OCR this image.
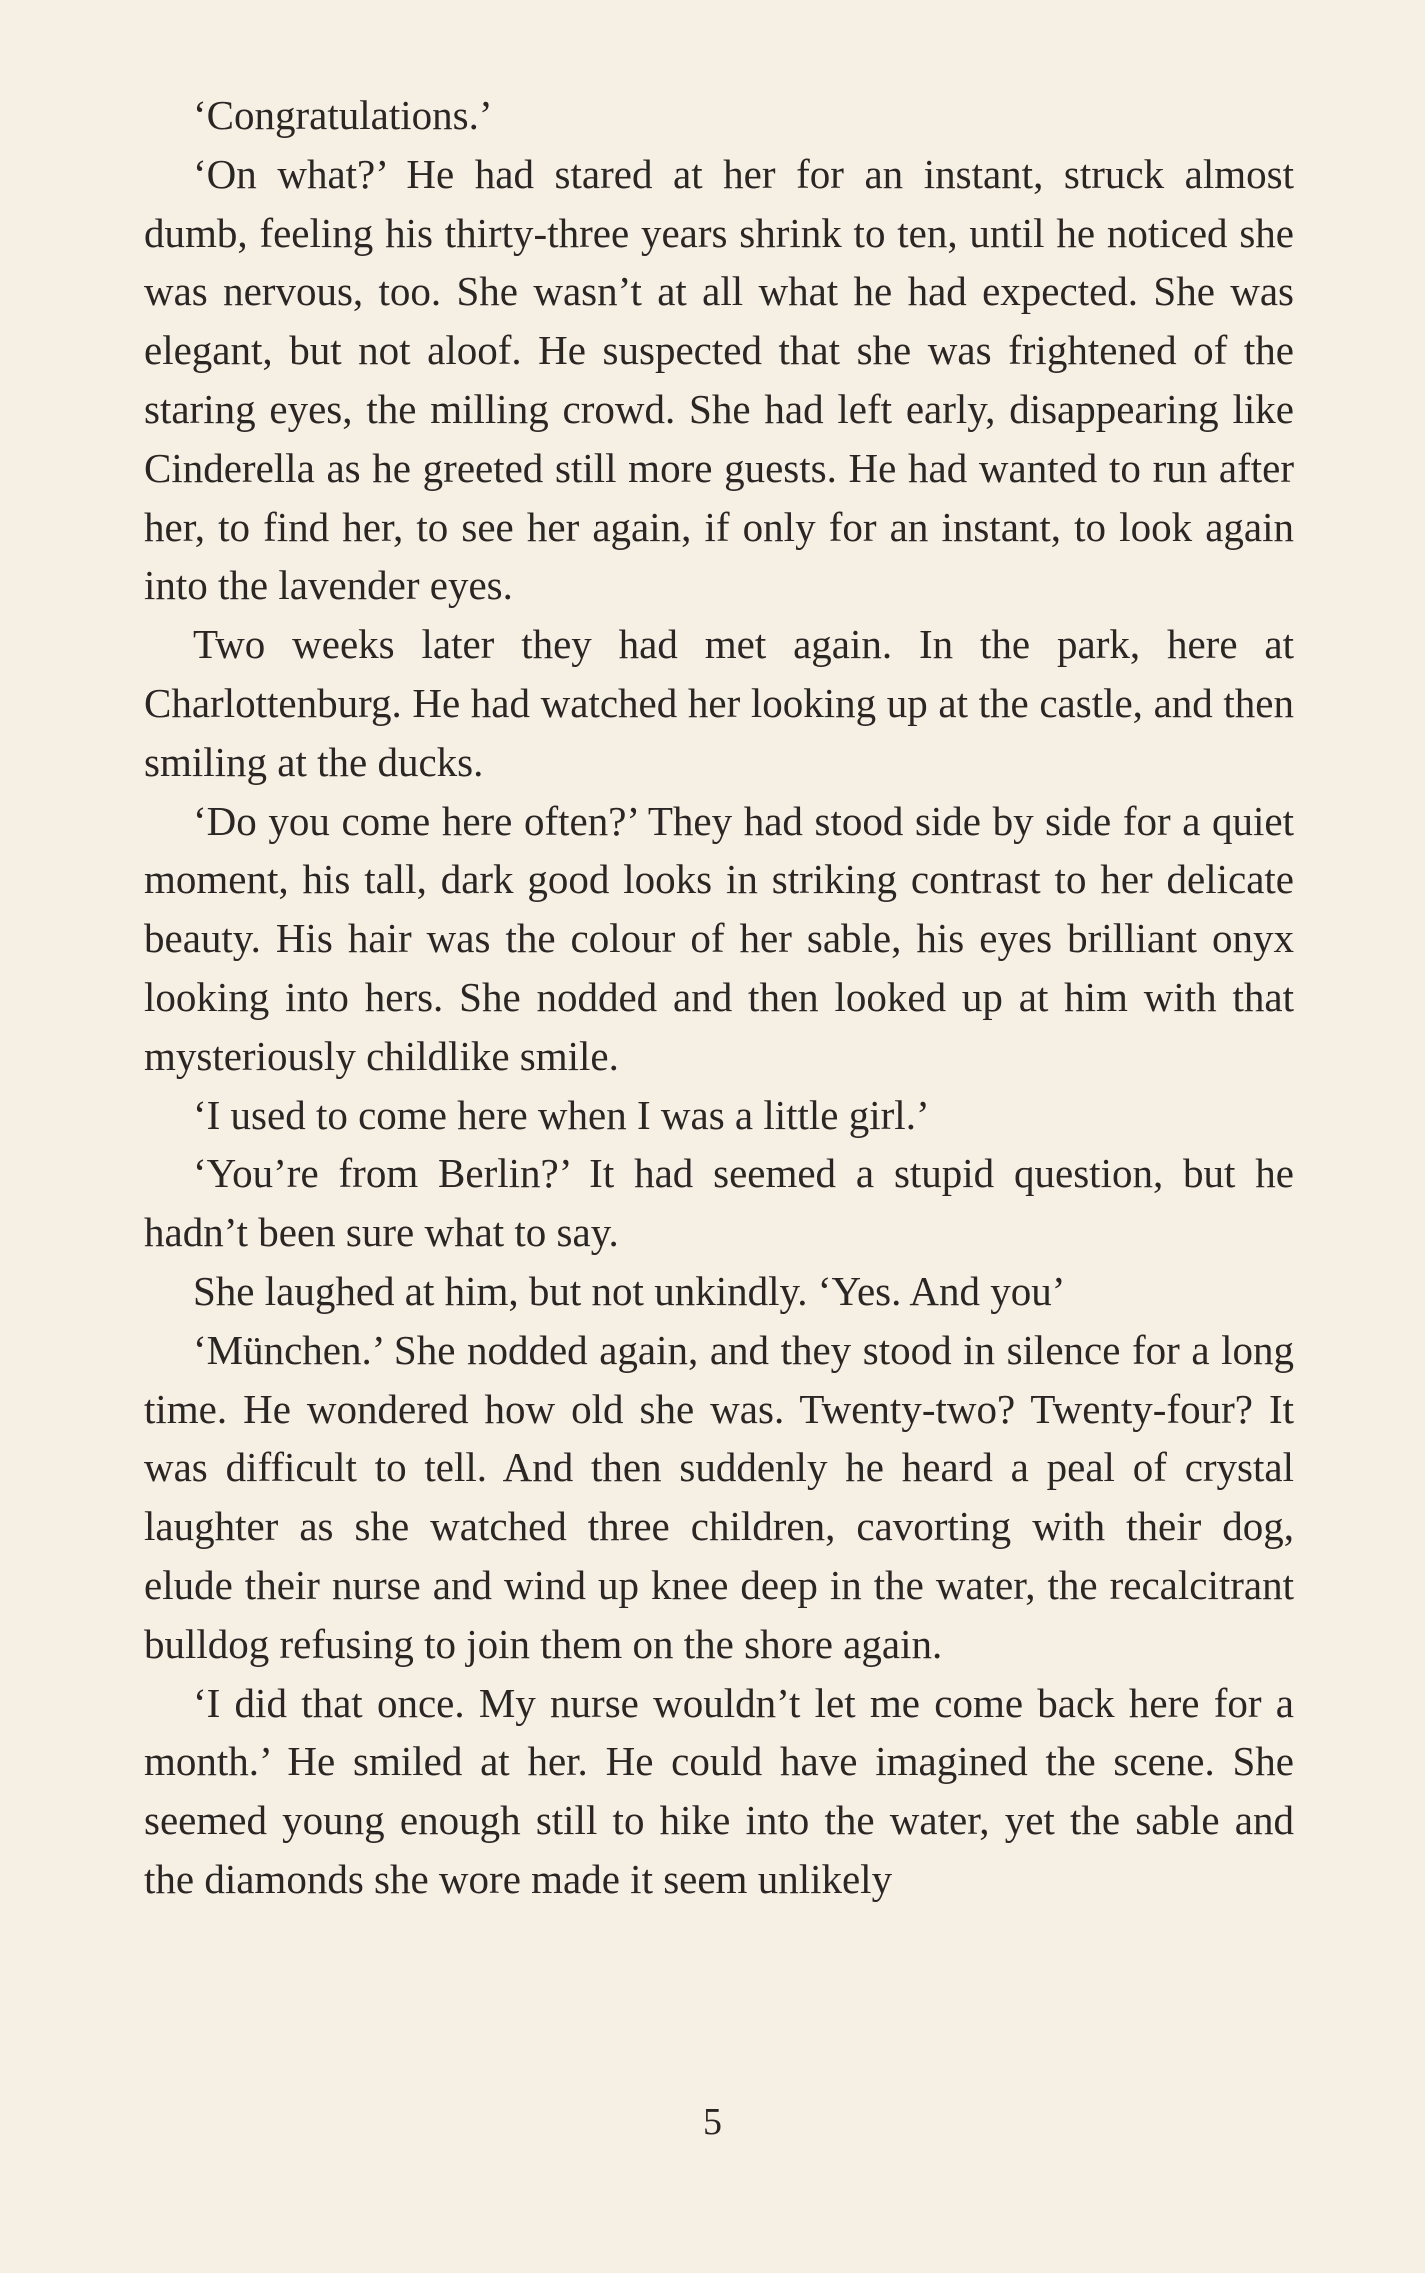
‘Congratulations.’

‘On what?’ He had stared at her for an instant, struck almost dumb, feeling his thirty-three years shrink to ten, until he noticed she was nervous, too. She wasn’t at all what he had expected. She was elegant, but not aloof. He suspected that she was frightened of the staring eyes, the milling crowd. She had left early, disappearing like Cinderella as he greeted still more guests. He had wanted to run after her, to find her, to see her again, if only for an instant, to look again into the lavender eyes.

Two weeks later they had met again. In the park, here at Charlottenburg. He had watched her looking up at the castle, and then smiling at the ducks.

‘Do you come here often?’ They had stood side by side for a quiet moment, his tall, dark good looks in striking contrast to her delicate beauty. His hair was the colour of her sable, his eyes brilliant onyx looking into hers. She nodded and then looked up at him with that mysteriously childlike smile.

‘I used to come here when I was a little girl.’

‘You’re from Berlin?’ It had seemed a stupid question, but he hadn’t been sure what to say.

She laughed at him, but not unkindly. ‘Yes. And you’

‘München.’ She nodded again, and they stood in silence for a long time. He wondered how old she was. Twenty-two? Twenty-four? It was difficult to tell. And then suddenly he heard a peal of crystal laughter as she watched three children, cavorting with their dog, elude their nurse and wind up knee deep in the water, the recalcitrant bulldog refusing to join them on the shore again.

‘I did that once. My nurse wouldn’t let me come back here for a month.’ He smiled at her. He could have imagined the scene. She seemed young enough still to hike into the water, yet the sable and the diamonds she wore made it seem unlikely

5
